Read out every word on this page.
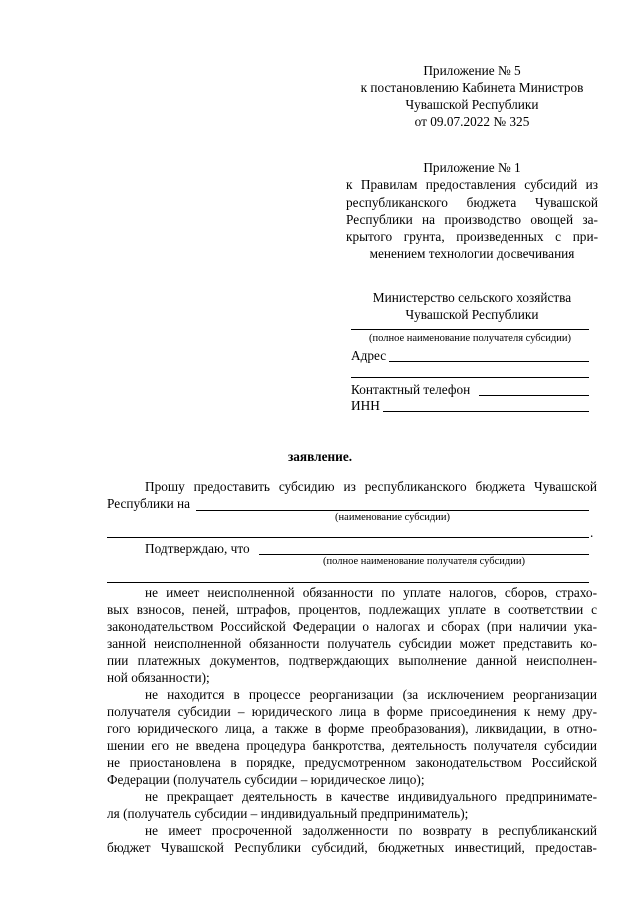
Приложение № 5
к постановлению Кабинета Министров
Чувашской Республики
от 09.07.2022 № 325
Приложение № 1
к Правилам предоставления субсидий из
республиканского бюджета Чувашской
Республики на производство овощей за-
крытого грунта, произведенных с при-
менением технологии досвечивания
Министерство сельского хозяйства
Чувашской Республики
(полное наименование получателя субсидии)
Адрес
Контактный телефон
ИНН
заявление.
Прошу предоставить субсидию из республиканского бюджета Чувашской
Республики на
(наименование субсидии)
.
Подтверждаю, что
(полное наименование получателя субсидии)
не имеет неисполненной обязанности по уплате налогов, сборов, страхо-
вых взносов, пеней, штрафов, процентов, подлежащих уплате в соответствии с
законодательством Российской Федерации о налогах и сборах (при наличии ука-
занной неисполненной обязанности получатель субсидии может представить ко-
пии платежных документов, подтверждающих выполнение данной неисполнен-
ной обязанности);
не находится в процессе реорганизации (за исключением реорганизации
получателя субсидии – юридического лица в форме присоединения к нему дру-
гого юридического лица, а также в форме преобразования), ликвидации, в отно-
шении его не введена процедура банкротства, деятельность получателя субсидии
не приостановлена в порядке, предусмотренном законодательством Российской
Федерации (получатель субсидии – юридическое лицо);
не прекращает деятельность в качестве индивидуального предпринимате-
ля (получатель субсидии – индивидуальный предприниматель);
не имеет просроченной задолженности по возврату в республиканский
бюджет Чувашской Республики субсидий, бюджетных инвестиций, предостав-
